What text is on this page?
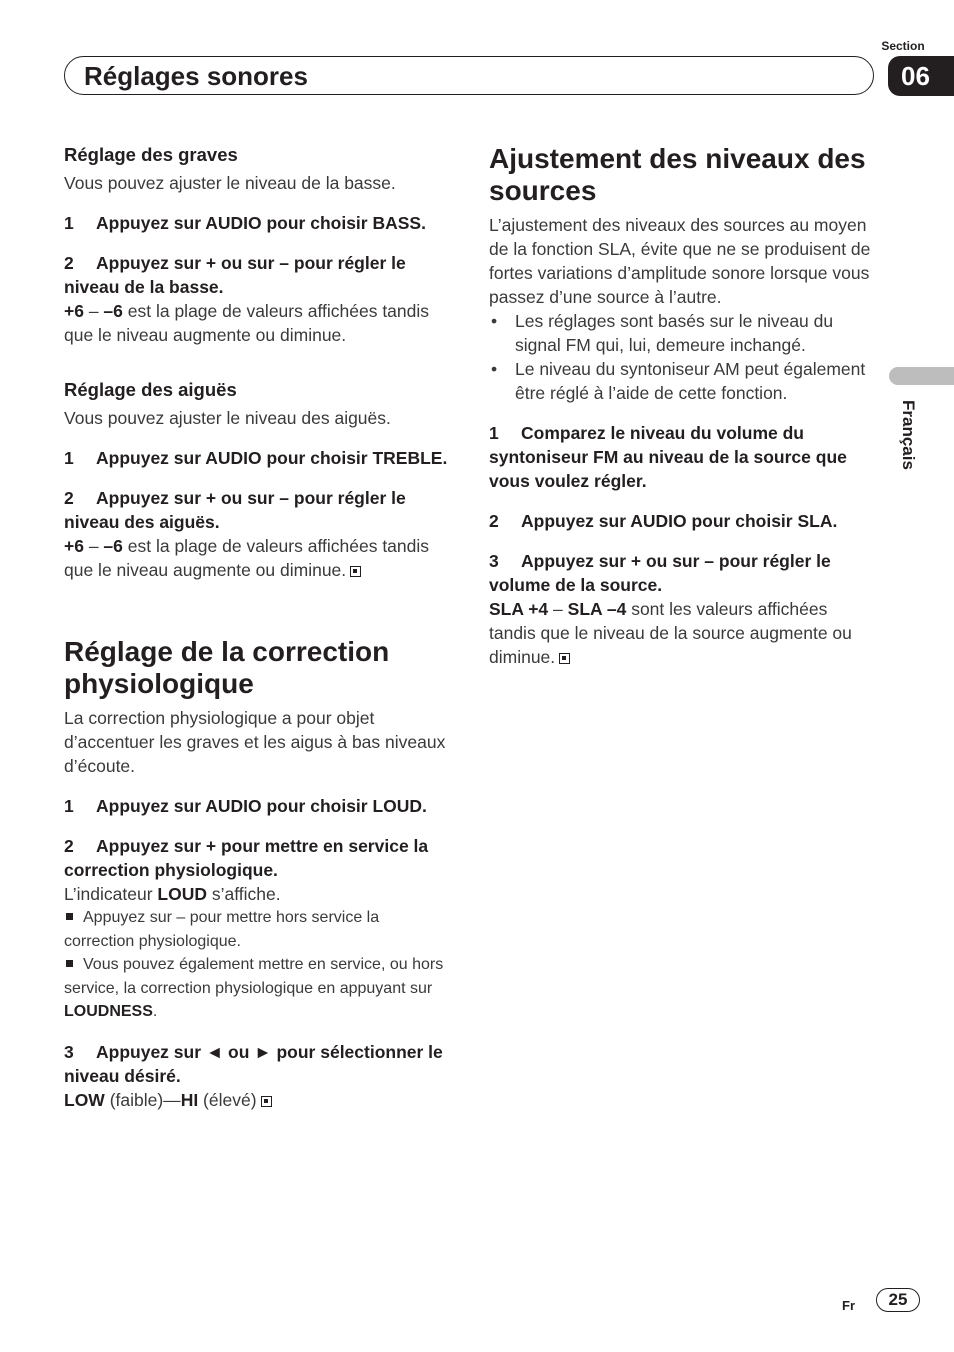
Section
Réglages sonores	06
Français

Réglage des graves

Vous pouvez ajuster le niveau de la basse.

1 Appuyez sur AUDIO pour choisir BASS.

2 Appuyez sur + ou sur – pour régler le niveau de la basse.

+6 – –6 est la plage de valeurs affichées tandis que le niveau augmente ou diminue.

Réglage des aiguës

Vous pouvez ajuster le niveau des aiguës.

1 Appuyez sur AUDIO pour choisir TREBLE.

2 Appuyez sur + ou sur – pour régler le niveau des aiguës.

+6 – –6 est la plage de valeurs affichées tandis que le niveau augmente ou diminue.

Réglage de la correction physiologique

La correction physiologique a pour objet d’accentuer les graves et les aigus à bas niveaux d’écoute.

1 Appuyez sur AUDIO pour choisir LOUD.

2 Appuyez sur + pour mettre en service la correction physiologique.

L’indicateur LOUD s’affiche.

Appuyez sur – pour mettre hors service la correction physiologique.

Vous pouvez également mettre en service, ou hors service, la correction physiologique en appuyant sur LOUDNESS.

3 Appuyez sur ◄ ou ► pour sélectionner le niveau désiré.

LOW (faible)—HI (élevé)

Ajustement des niveaux des sources

L’ajustement des niveaux des sources au moyen de la fonction SLA, évite que ne se produisent de fortes variations d’amplitude sonore lorsque vous passez d’une source à l’autre.

• Les réglages sont basés sur le niveau du signal FM qui, lui, demeure inchangé.

• Le niveau du syntoniseur AM peut également être réglé à l’aide de cette fonction.

1 Comparez le niveau du volume du syntoniseur FM au niveau de la source que vous voulez régler.

2 Appuyez sur AUDIO pour choisir SLA.

3 Appuyez sur + ou sur – pour régler le volume de la source.

SLA +4 – SLA –4 sont les valeurs affichées tandis que le niveau de la source augmente ou diminue.

Fr	25
